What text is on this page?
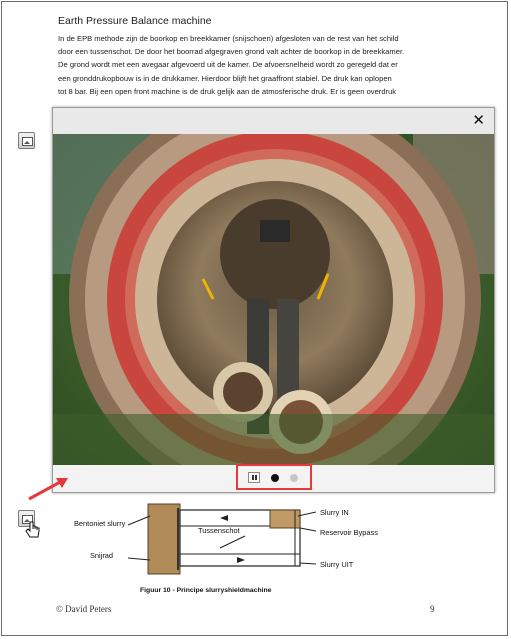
Earth Pressure Balance machine
In de EPB methode zijn de boorkop en breekkamer (snijschoen) afgesloten van de rest van het schild
door een tussenschot. De door het boorrad afgegraven grond valt achter de boorkop in de breekkamer.
De grond wordt met een avegaar afgevoerd uit de kamer. De afvoersnelheid wordt zo geregeld dat er
een gronddrukopbouw is in de drukkamer. Hierdoor blijft het graaffront stabiel. De druk kan oplopen
tot 8 bar. Bij een open front machine is de druk gelijk aan de atmosferische druk. Er is geen overdruk
✕
Bentoniet slurry
Tussenschot
Snijrad
Slurry IN
Reservoir Bypass
Slurry UIT
Figuur 10 - Principe slurryshieldmachine
© David Peters	9
